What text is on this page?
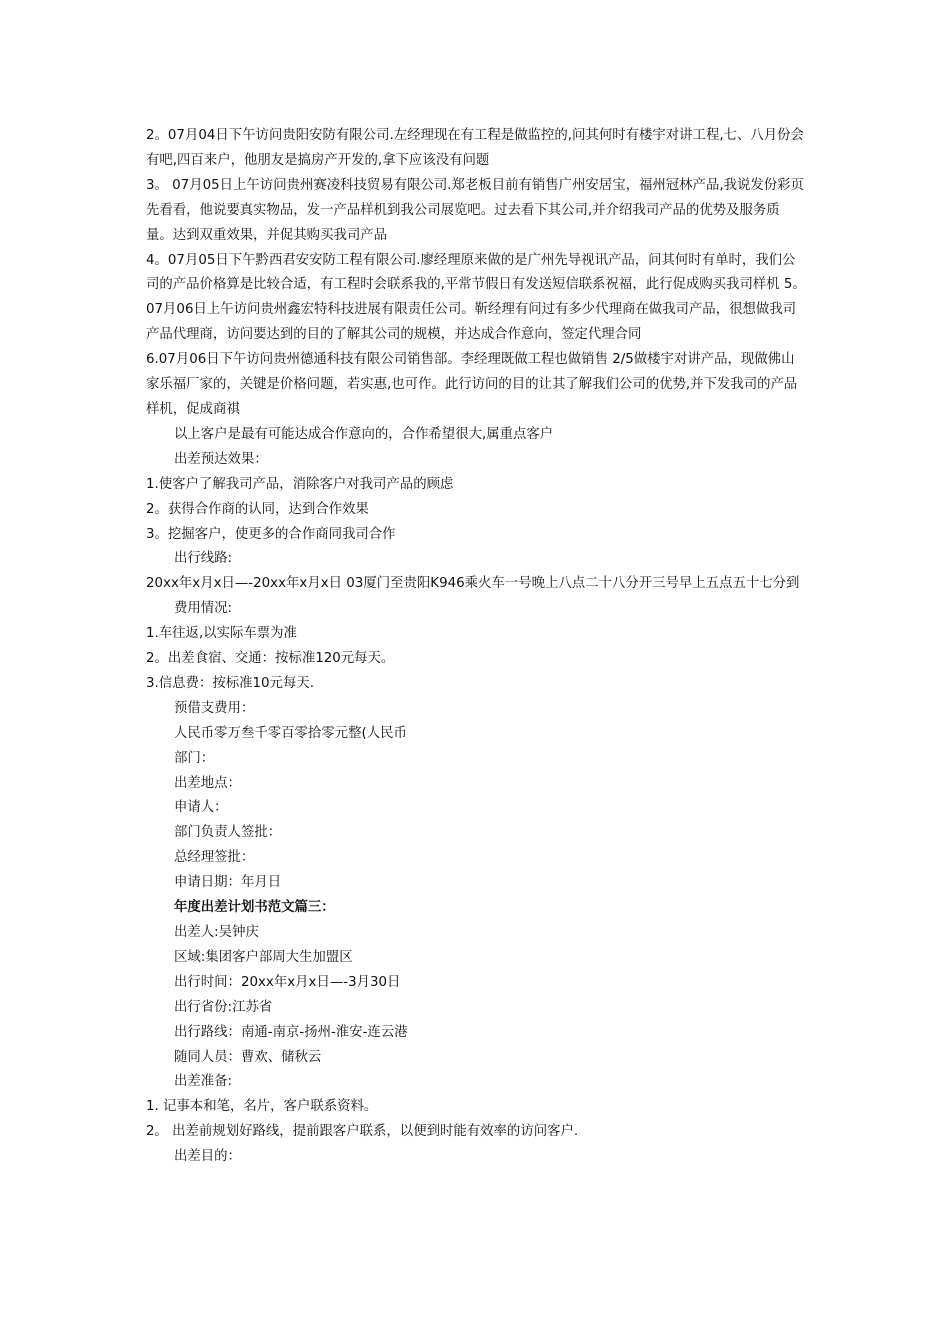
2。07月04日下午访问贵阳安防有限公司.左经理现在有工程是做监控的,问其何时有楼宇对讲工程,七、八月份会有吧,四百来户，他朋友是搞房产开发的,拿下应该没有问题

3。 07月05日上午访问贵州赛凌科技贸易有限公司.郑老板目前有销售广州安居宝，福州冠林产品,我说发份彩页先看看，他说要真实物品，发一产品样机到我公司展览吧。过去看下其公司,并介绍我司产品的优势及服务质量。达到双重效果，并促其购买我司产品

4。07月05日下午黔西君安安防工程有限公司.廖经理原来做的是广州先导视讯产品，问其何时有单时，我们公司的产品价格算是比较合适，有工程时会联系我的,平常节假日有发送短信联系祝福，此行促成购买我司样机 5。07月06日上午访问贵州鑫宏特科技进展有限责任公司。靳经理有问过有多少代理商在做我司产品，很想做我司产品代理商，访问要达到的目的了解其公司的规模，并达成合作意向，签定代理合同

6.07月06日下午访问贵州德通科技有限公司销售部。李经理既做工程也做销售 2/5做楼宇对讲产品，现做佛山家乐福厂家的，关键是价格问题，若实惠,也可作。此行访问的目的让其了解我们公司的优势,并下发我司的产品样机，促成商祺

以上客户是最有可能达成合作意向的，合作希望很大,属重点客户

出差预达效果：

1.使客户了解我司产品，消除客户对我司产品的顾虑

2。获得合作商的认同，达到合作效果

3。挖掘客户，使更多的合作商同我司合作

出行线路:

20xx年x月x日—-20xx年x月x日 03厦门至贵阳K946乘火车一号晚上八点二十八分开三号早上五点五十七分到

费用情况:

1.车往返,以实际车票为准

2。出差食宿、交通：按标准120元每天。

3.信息费：按标准10元每天.

预借支费用：

人民币零万叁千零百零拾零元整(人民币

部门：

出差地点：

申请人：

部门负责人签批：

总经理签批：

申请日期：年月日

年度出差计划书范文篇三：

出差人:吴钟庆

区域:集团客户部周大生加盟区

出行时间：20xx年x月x日—-3月30日

出行省份:江苏省

出行路线：南通-南京-扬州-淮安-连云港

随同人员：曹欢、储秋云

出差准备:

1. 记事本和笔，名片，客户联系资料。

2。 出差前规划好路线，提前跟客户联系，以便到时能有效率的访问客户.

出差目的：
